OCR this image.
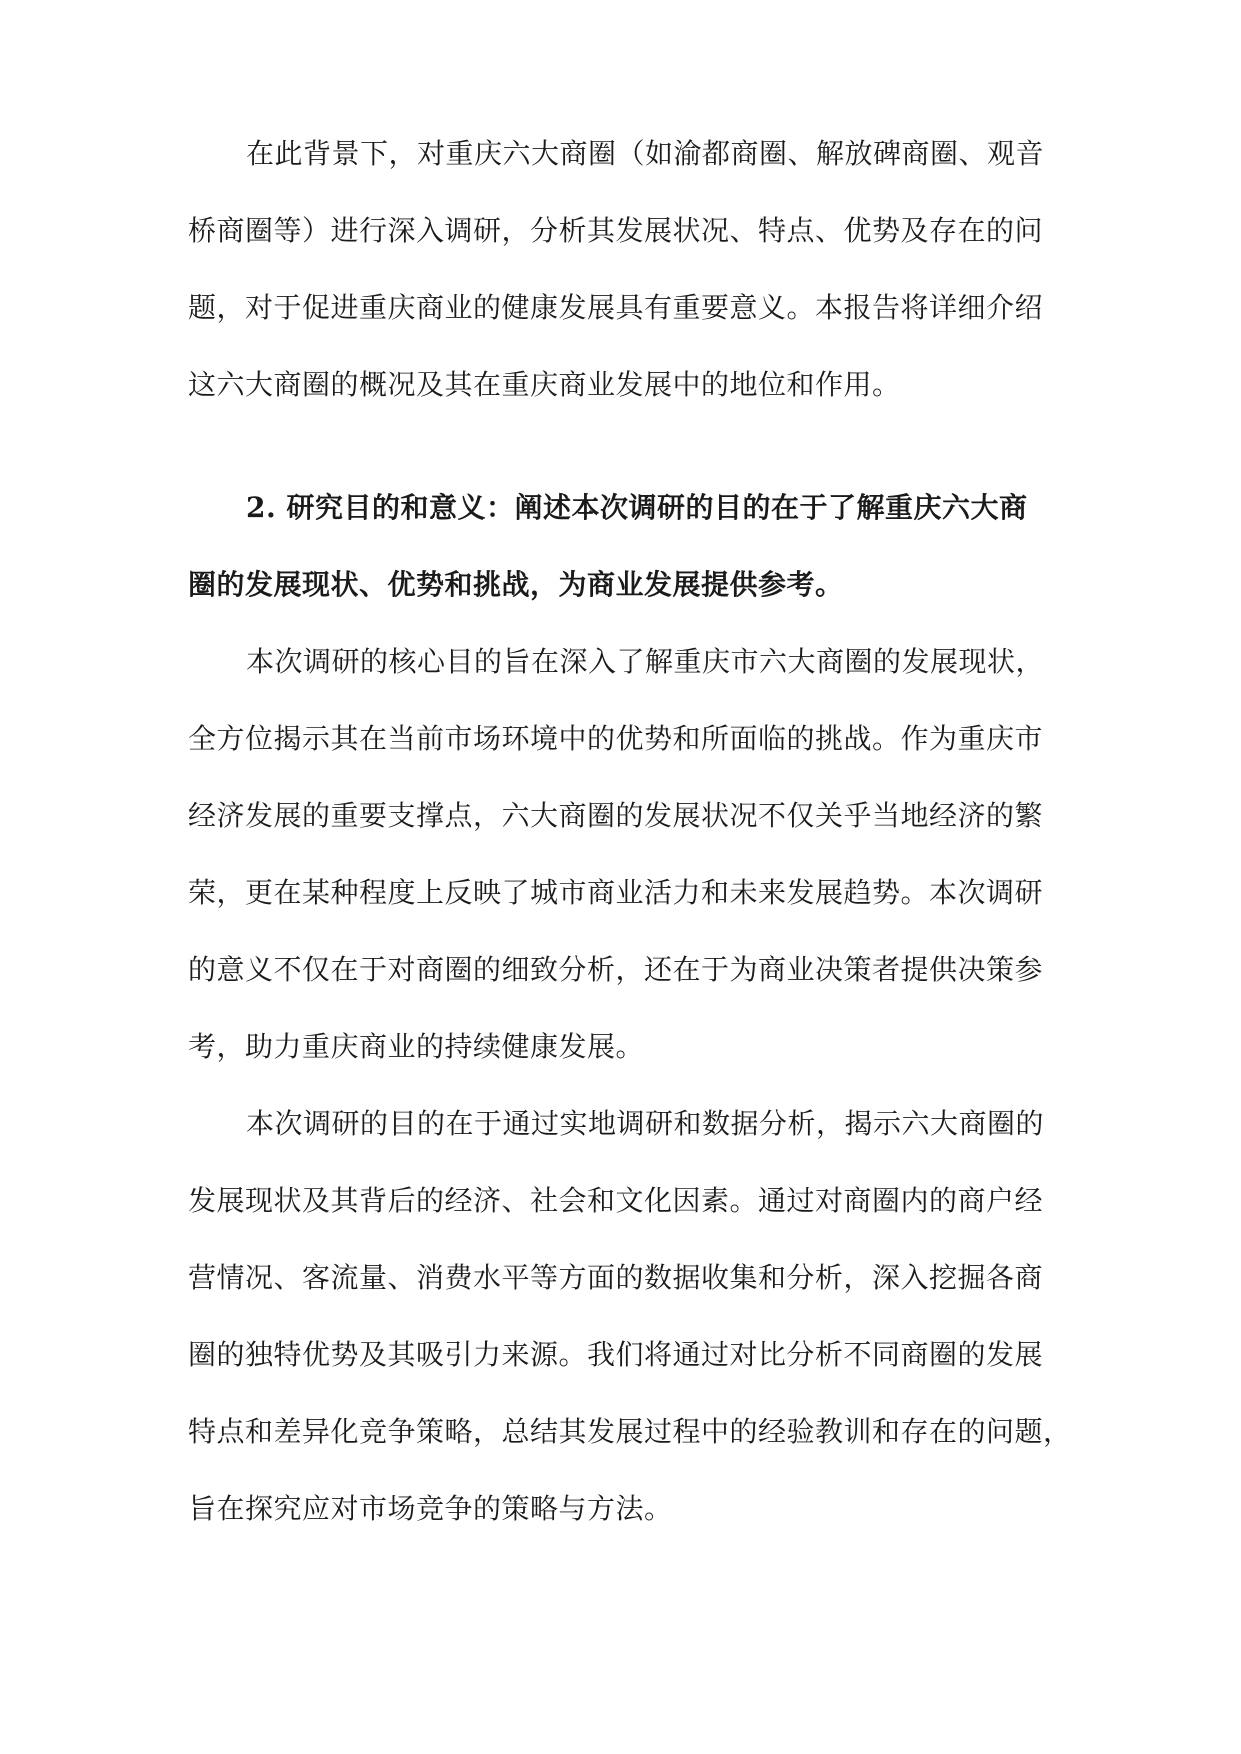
在此背景下，对重庆六大商圈（如渝都商圈、解放碑商圈、观音
桥商圈等）进行深入调研，分析其发展状况、特点、优势及存在的问
题，对于促进重庆商业的健康发展具有重要意义。本报告将详细介绍
这六大商圈的概况及其在重庆商业发展中的地位和作用。
2. 研究目的和意义：阐述本次调研的目的在于了解重庆六大商
圈的发展现状、优势和挑战，为商业发展提供参考。
本次调研的核心目的旨在深入了解重庆市六大商圈的发展现状，
全方位揭示其在当前市场环境中的优势和所面临的挑战。作为重庆市
经济发展的重要支撑点，六大商圈的发展状况不仅关乎当地经济的繁
荣，更在某种程度上反映了城市商业活力和未来发展趋势。本次调研
的意义不仅在于对商圈的细致分析，还在于为商业决策者提供决策参
考，助力重庆商业的持续健康发展。
本次调研的目的在于通过实地调研和数据分析，揭示六大商圈的
发展现状及其背后的经济、社会和文化因素。通过对商圈内的商户经
营情况、客流量、消费水平等方面的数据收集和分析，深入挖掘各商
圈的独特优势及其吸引力来源。我们将通过对比分析不同商圈的发展
特点和差异化竞争策略，总结其发展过程中的经验教训和存在的问题，
旨在探究应对市场竞争的策略与方法。
